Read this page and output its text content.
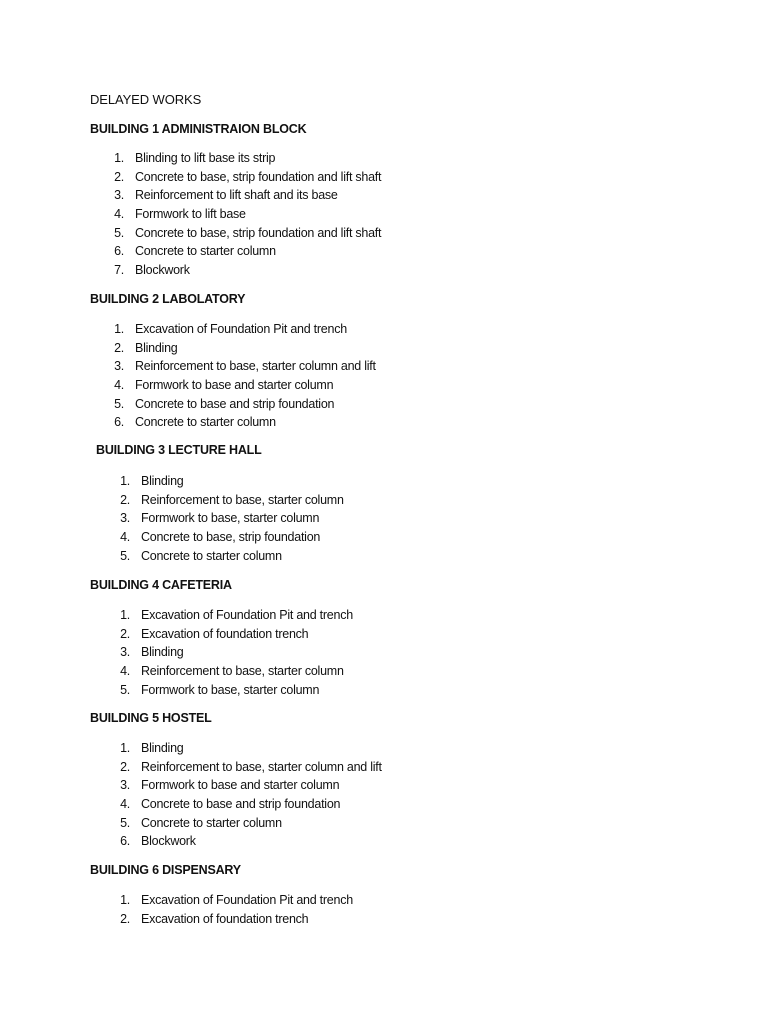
DELAYED WORKS
BUILDING 1 ADMINISTRAION BLOCK
1. Blinding to lift base its strip
2. Concrete to base, strip foundation and lift shaft
3. Reinforcement to lift shaft and its base
4. Formwork to lift base
5. Concrete to base, strip foundation and lift shaft
6. Concrete to starter column
7. Blockwork
BUILDING 2 LABOLATORY
1. Excavation of Foundation Pit and trench
2. Blinding
3. Reinforcement to base, starter column and lift
4. Formwork to base and starter column
5. Concrete to base and strip foundation
6. Concrete to starter column
BUILDING 3 LECTURE HALL
1. Blinding
2. Reinforcement to base, starter column
3. Formwork to base, starter column
4. Concrete to base, strip foundation
5. Concrete to starter column
BUILDING 4 CAFETERIA
1. Excavation of Foundation Pit and trench
2. Excavation of foundation trench
3. Blinding
4. Reinforcement to base, starter column
5. Formwork to base, starter column
BUILDING 5 HOSTEL
1. Blinding
2. Reinforcement to base, starter column and lift
3. Formwork to base and starter column
4. Concrete to base and strip foundation
5. Concrete to starter column
6. Blockwork
BUILDING 6 DISPENSARY
1. Excavation of Foundation Pit and trench
2. Excavation of foundation trench
